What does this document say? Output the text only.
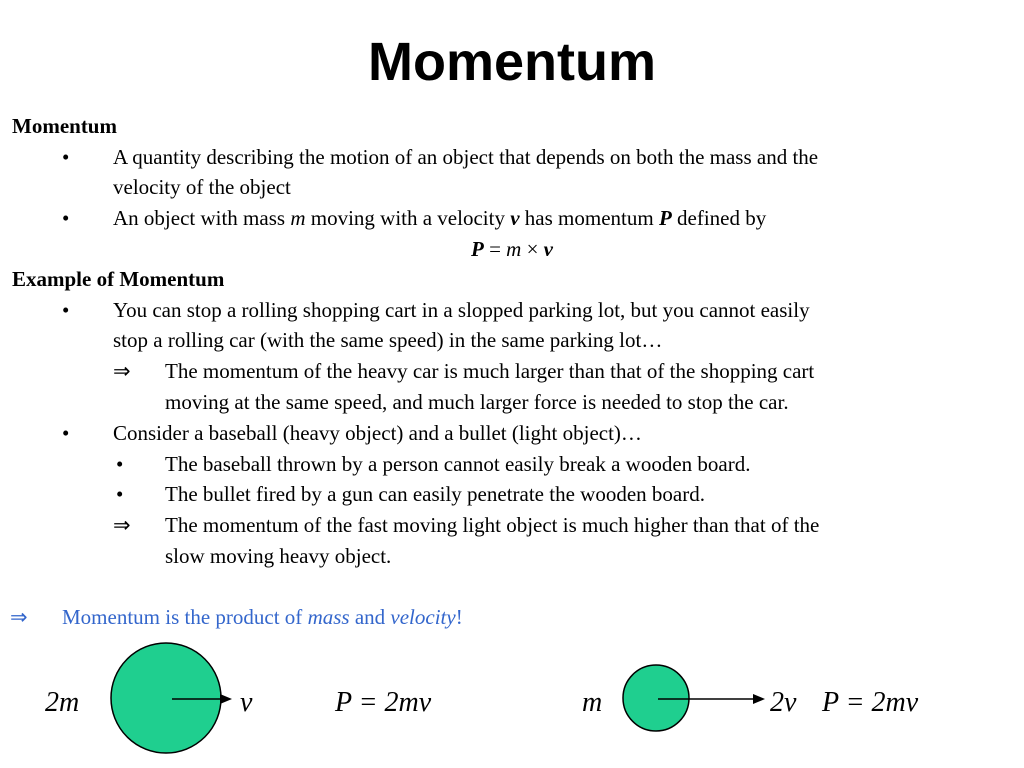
Momentum
Momentum
• A quantity describing the motion of an object that depends on both the mass and the
velocity of the object
• An object with mass m moving with a velocity v has momentum P defined by
P = m × v
Example of Momentum
• You can stop a rolling shopping cart in a slopped parking lot, but you cannot easily
stop a rolling car (with the same speed) in the same parking lot…
⇒ The momentum of the heavy car is much larger than that of the shopping cart
moving at the same speed, and much larger force is needed to stop the car.
• Consider a baseball (heavy object) and a bullet (light object)…
• The baseball thrown by a person cannot easily break a wooden board.
• The bullet fired by a gun can easily penetrate the wooden board.
⇒ The momentum of the fast moving light object is much higher than that of the
slow moving heavy object.
⇒ Momentum is the product of mass and velocity!
2m	v	P = 2mv	m	2v P = 2mv
